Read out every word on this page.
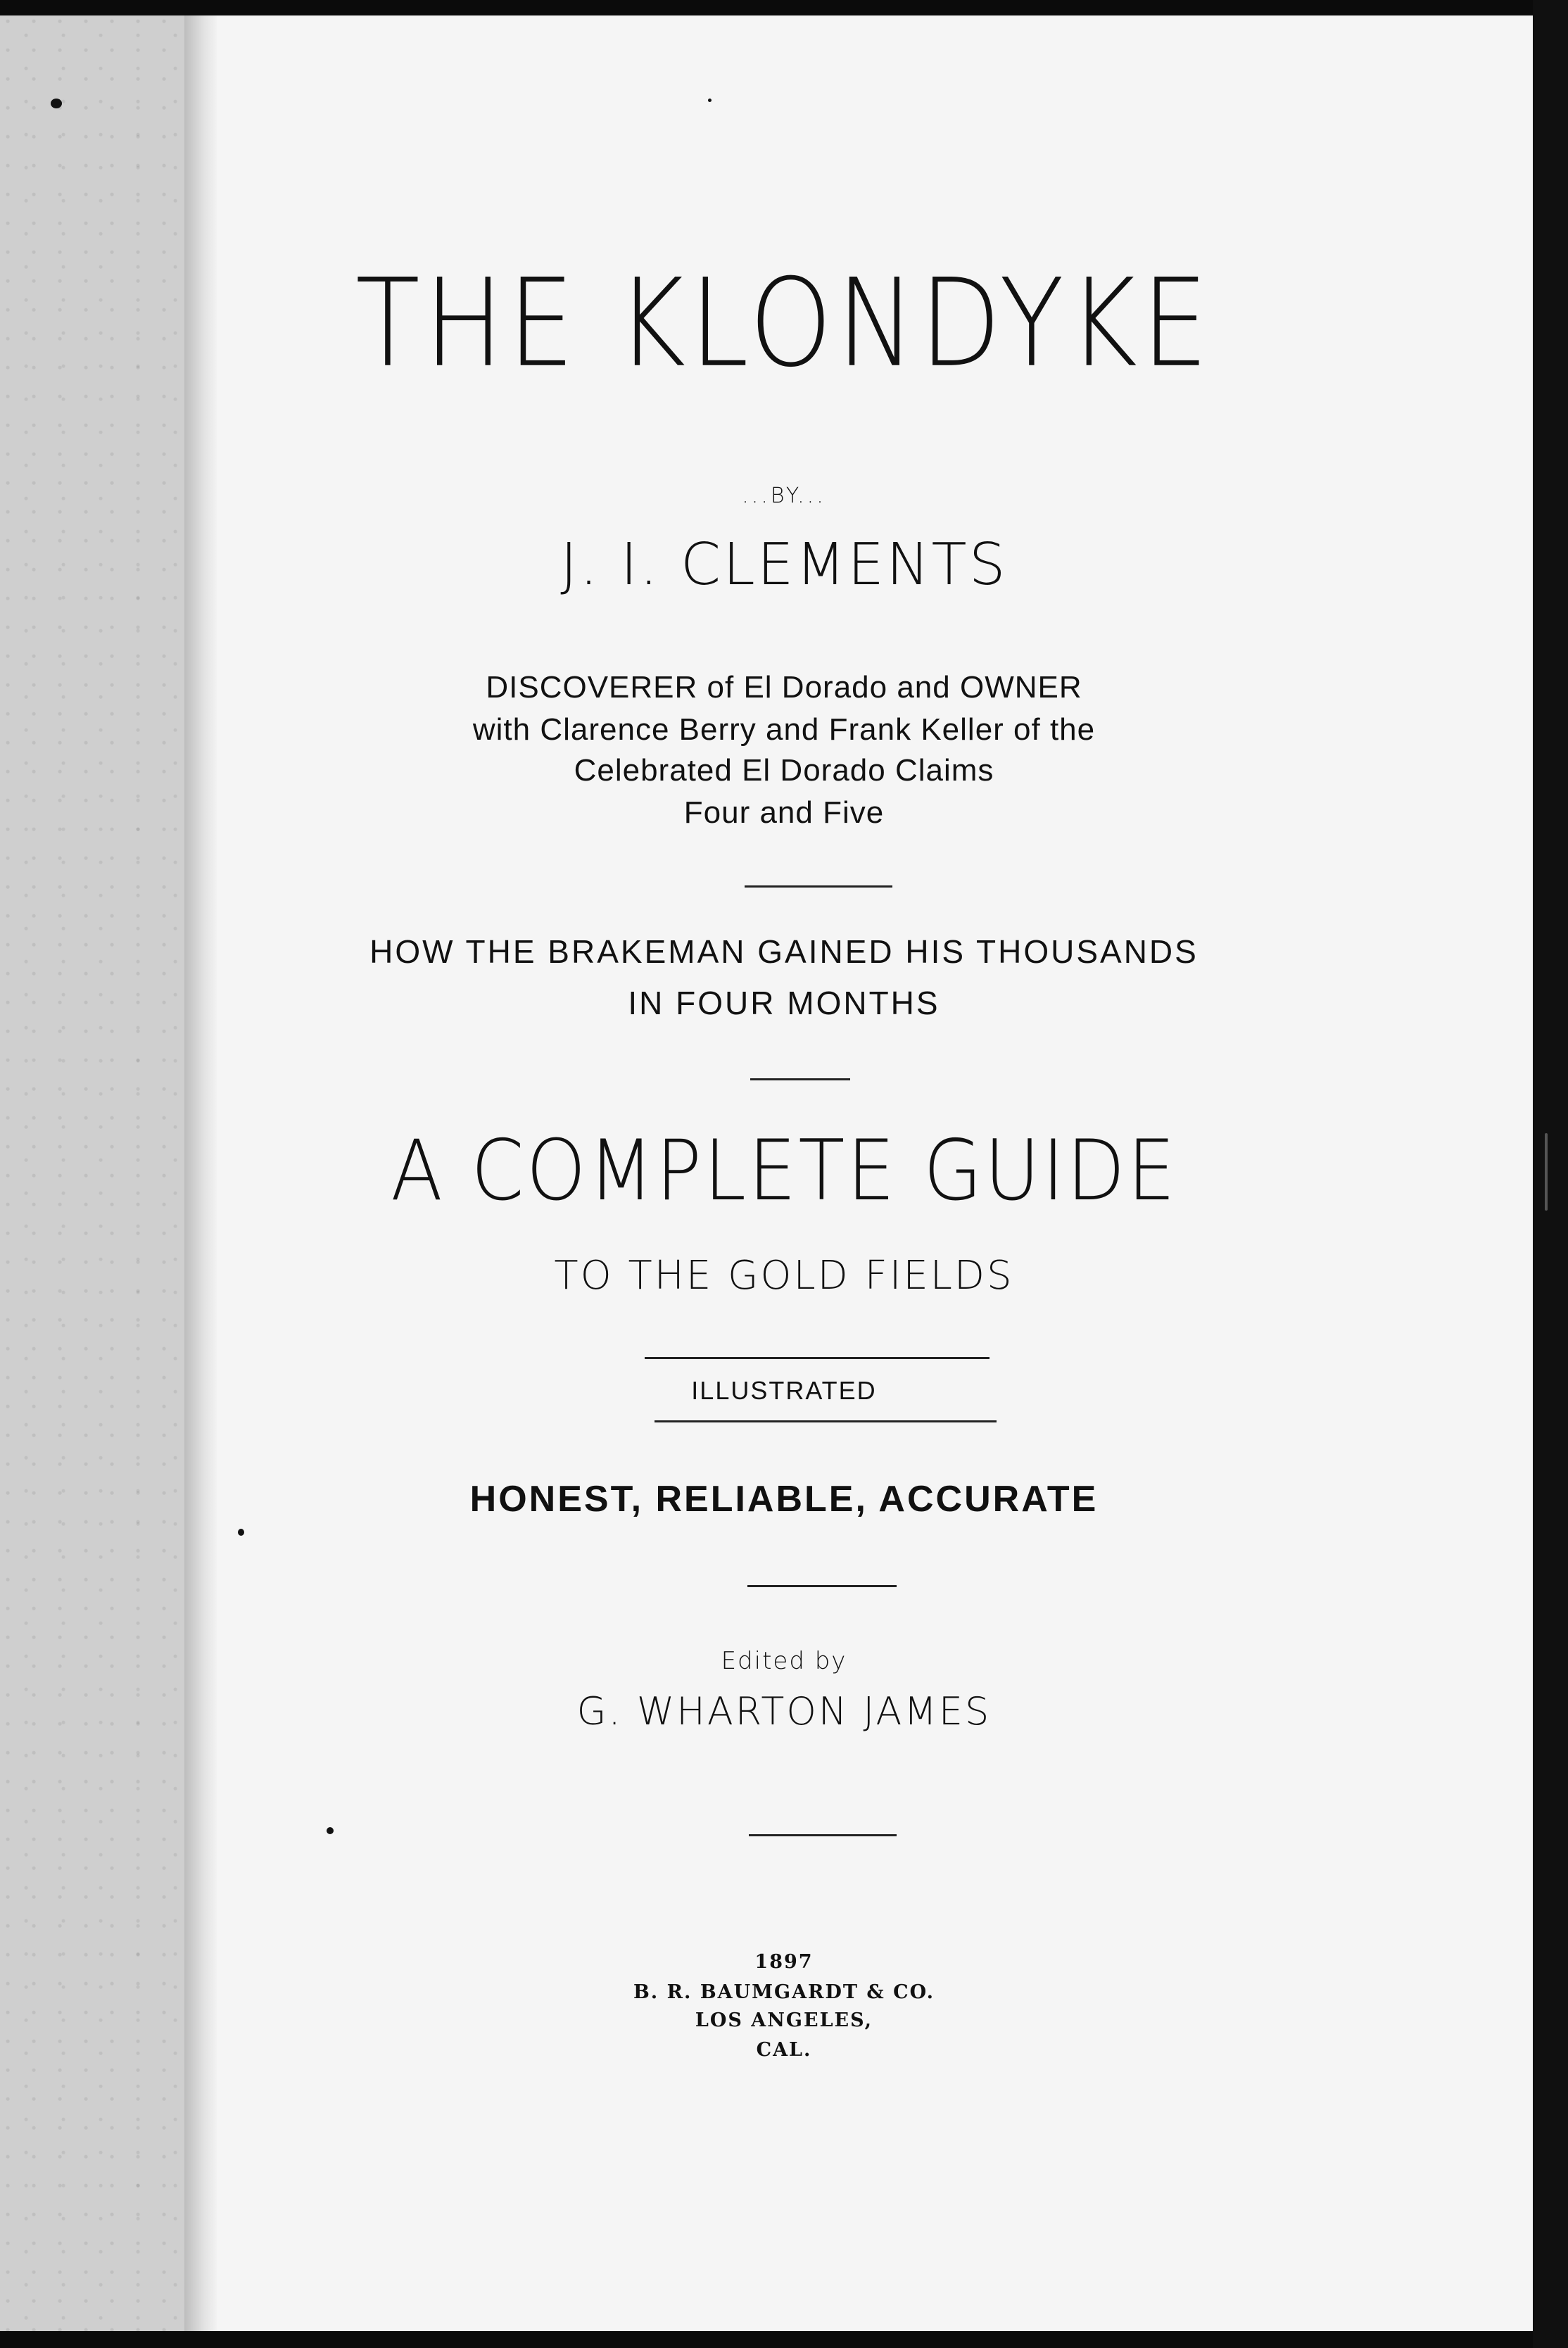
THE KLONDYKE
...BY...
J. I. CLEMENTS
DISCOVERER of El Dorado and OWNER
with Clarence Berry and Frank Keller of the
Celebrated El Dorado Claims
Four and Five
HOW THE BRAKEMAN GAINED HIS THOUSANDS
IN FOUR MONTHS
A COMPLETE GUIDE
TO THE GOLD FIELDS
ILLUSTRATED
HONEST, RELIABLE, ACCURATE
Edited by
G. WHARTON JAMES
1897
B. R. BAUMGARDT & CO.
LOS ANGELES,
CAL.
